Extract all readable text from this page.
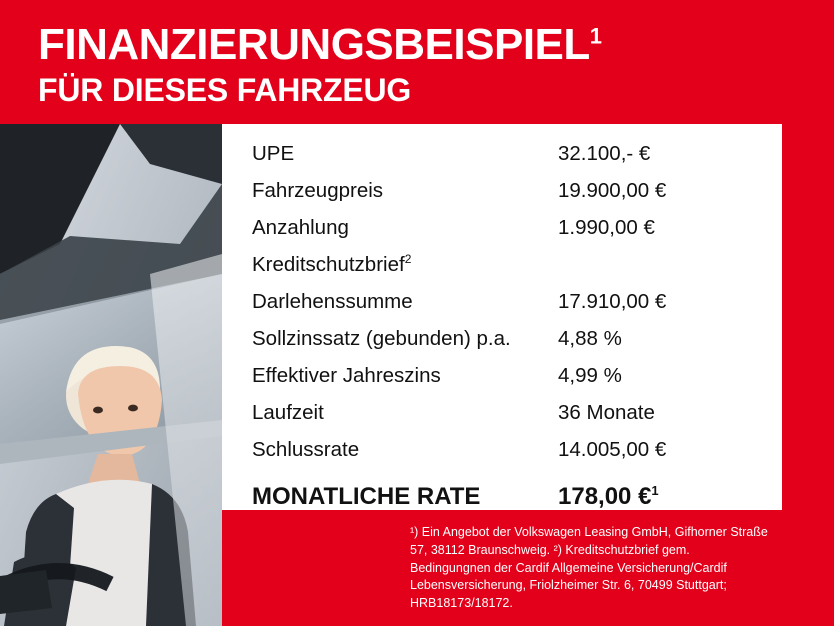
FINANZIERUNGSBEISPIEL$^1$
FÜR DIESES FAHRZEUG
UPE	32.100,- €
Fahrzeugpreis	19.900,00 €
Anzahlung	1.990,00 €
Kreditschutzbrief$^2$
Darlehenssumme	17.910,00 €
Sollzinssatz (gebunden) p.a.	4,88 %
Effektiver Jahreszins	4,99 %
Laufzeit	36 Monate
Schlussrate	14.005,00 €
MONATLICHE RATE	178,00 €$^1$

¹) Ein Angebot der Volkswagen Leasing GmbH, Gifhorner Straße 57, 38112 Braunschweig. ²) Kreditschutzbrief gem. Bedingungnen der Cardif Allgemeine Versicherung/Cardif Lebensversicherung, Friolzheimer Str. 6, 70499 Stuttgart; HRB18173/18172.
